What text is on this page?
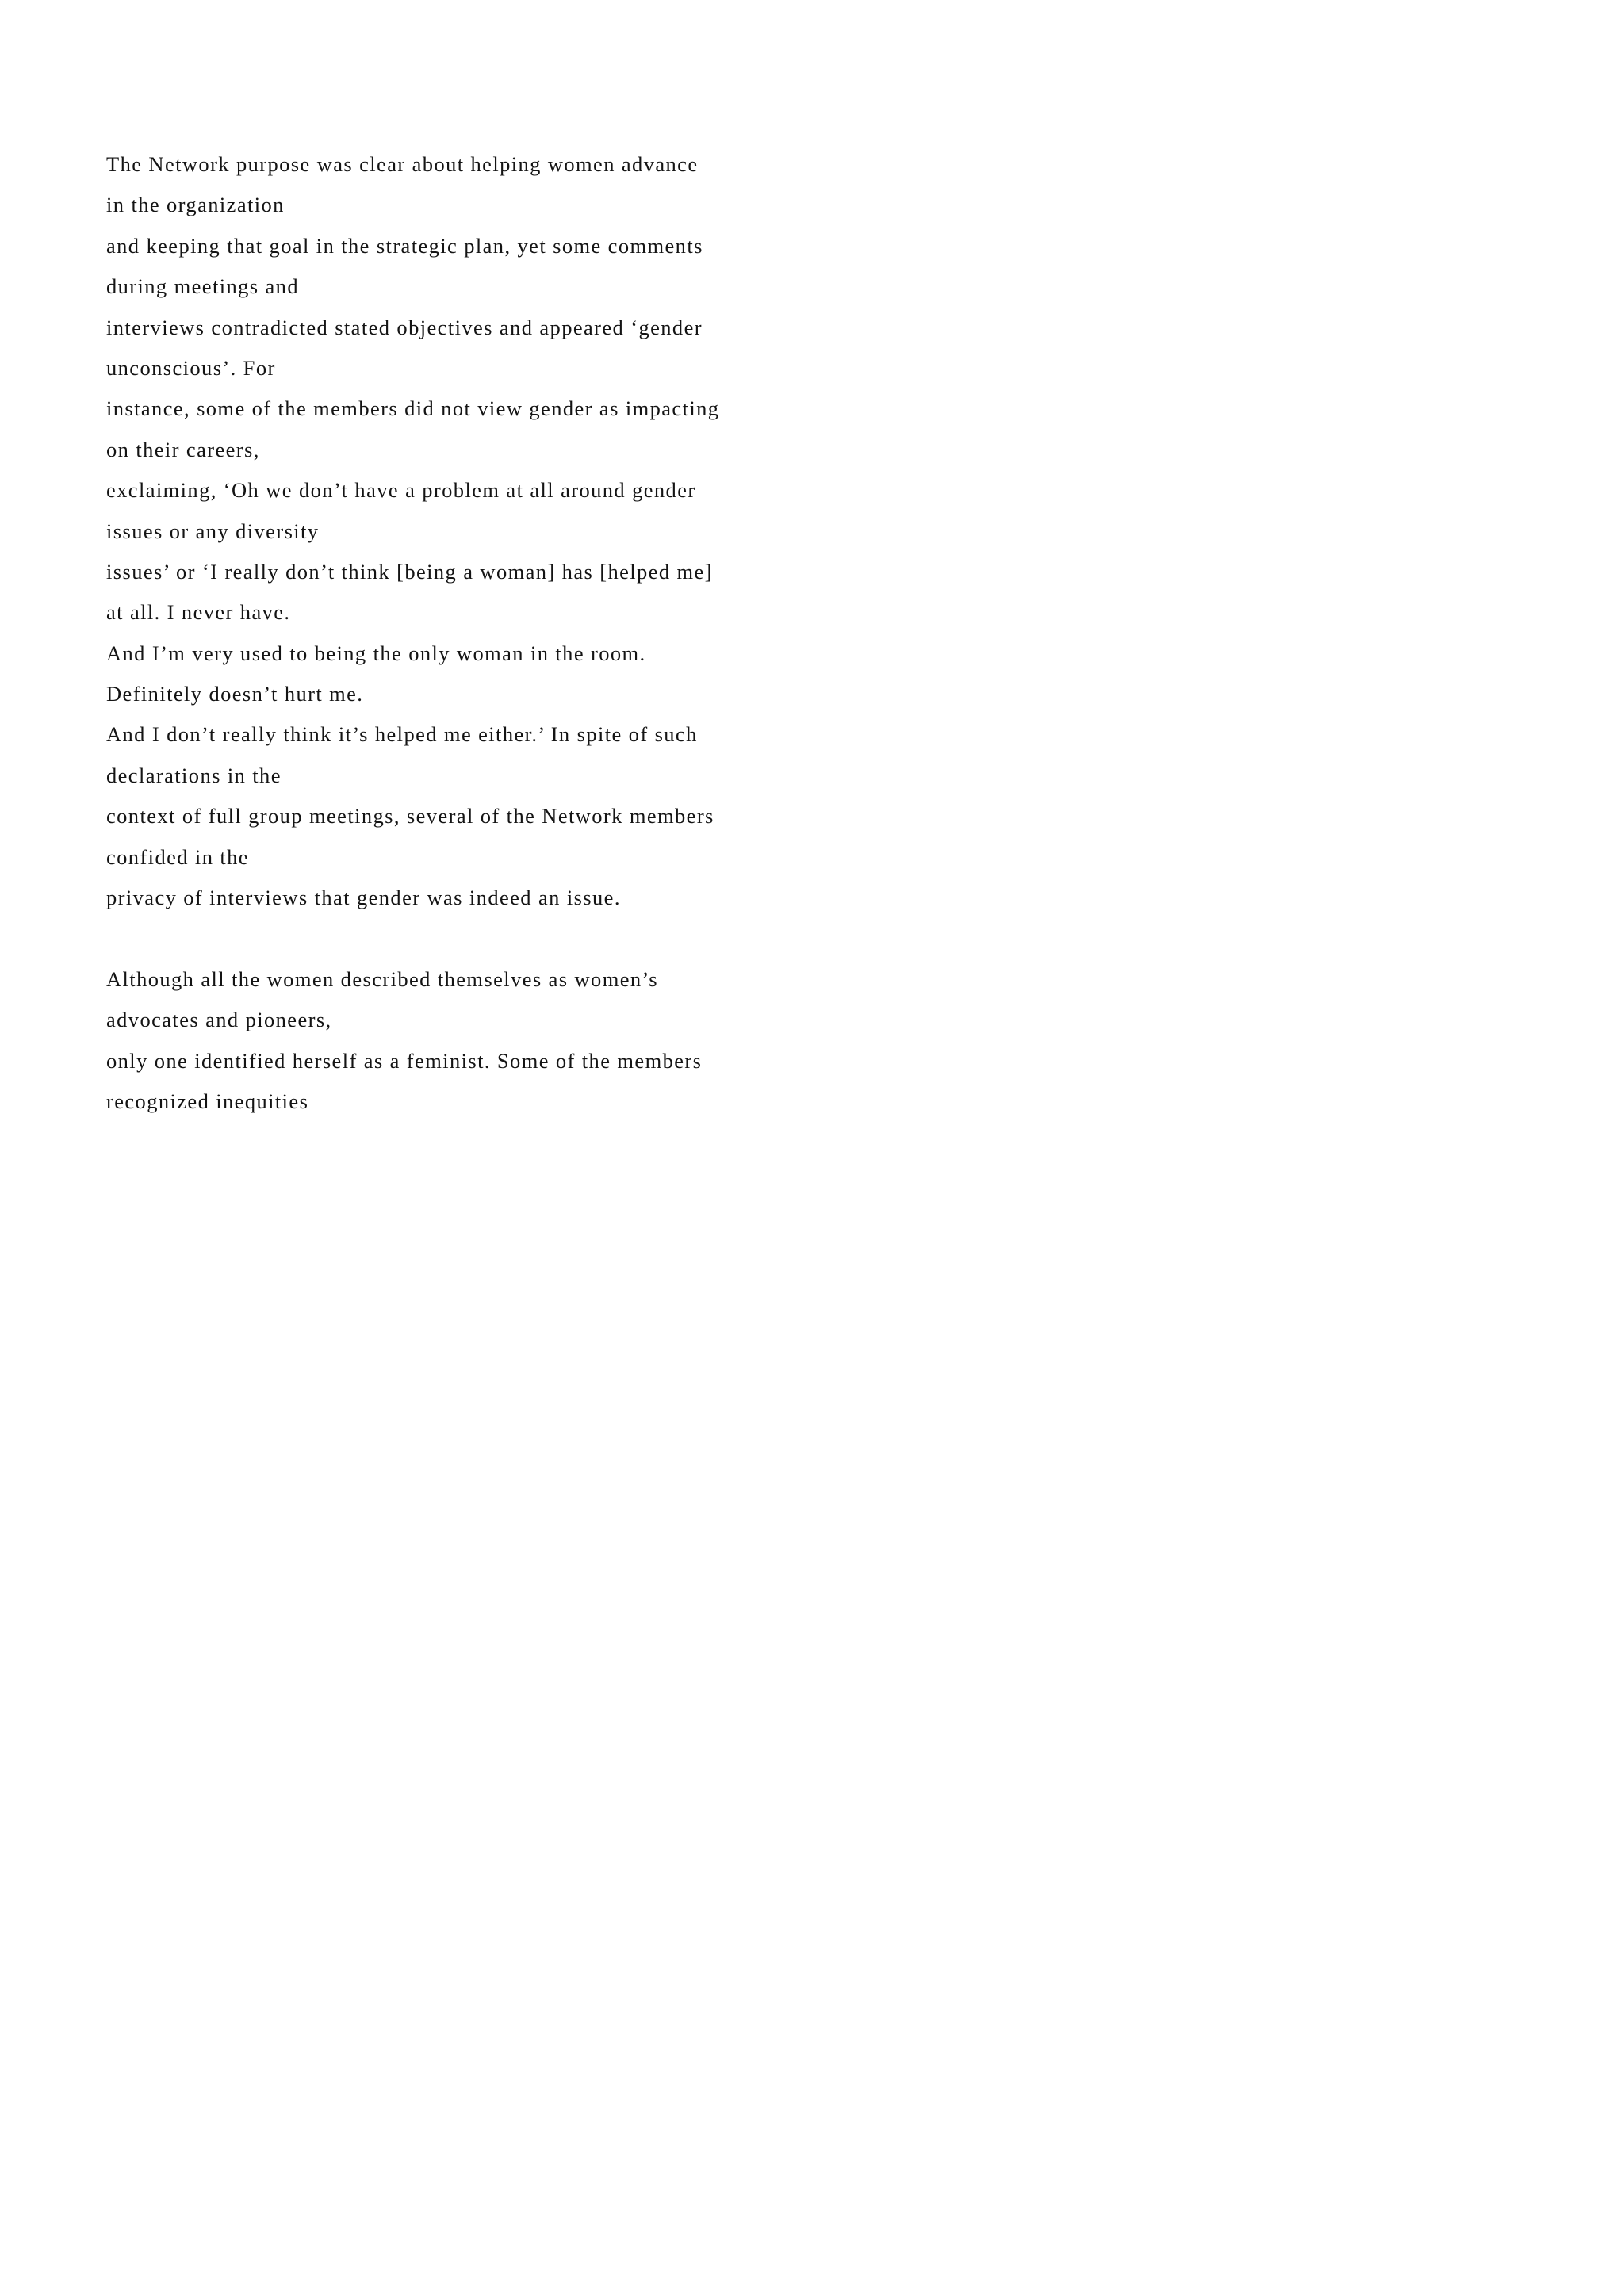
The Network purpose was clear about helping women advance
in the organization
and keeping that goal in the strategic plan, yet some comments
during meetings and
interviews contradicted stated objectives and appeared ‘gender
unconscious’. For
instance, some of the members did not view gender as impacting
on their careers,
exclaiming, ‘Oh we don’t have a problem at all around gender
issues or any diversity
issues’ or ‘I really don’t think [being a woman] has [helped me]
at all. I never have.
And I’m very used to being the only woman in the room.
Definitely doesn’t hurt me.
And I don’t really think it’s helped me either.’ In spite of such
declarations in the
context of full group meetings, several of the Network members
confided in the
privacy of interviews that gender was indeed an issue.
Although all the women described themselves as women’s
advocates and pioneers,
only one identified herself as a feminist. Some of the members
recognized inequities
